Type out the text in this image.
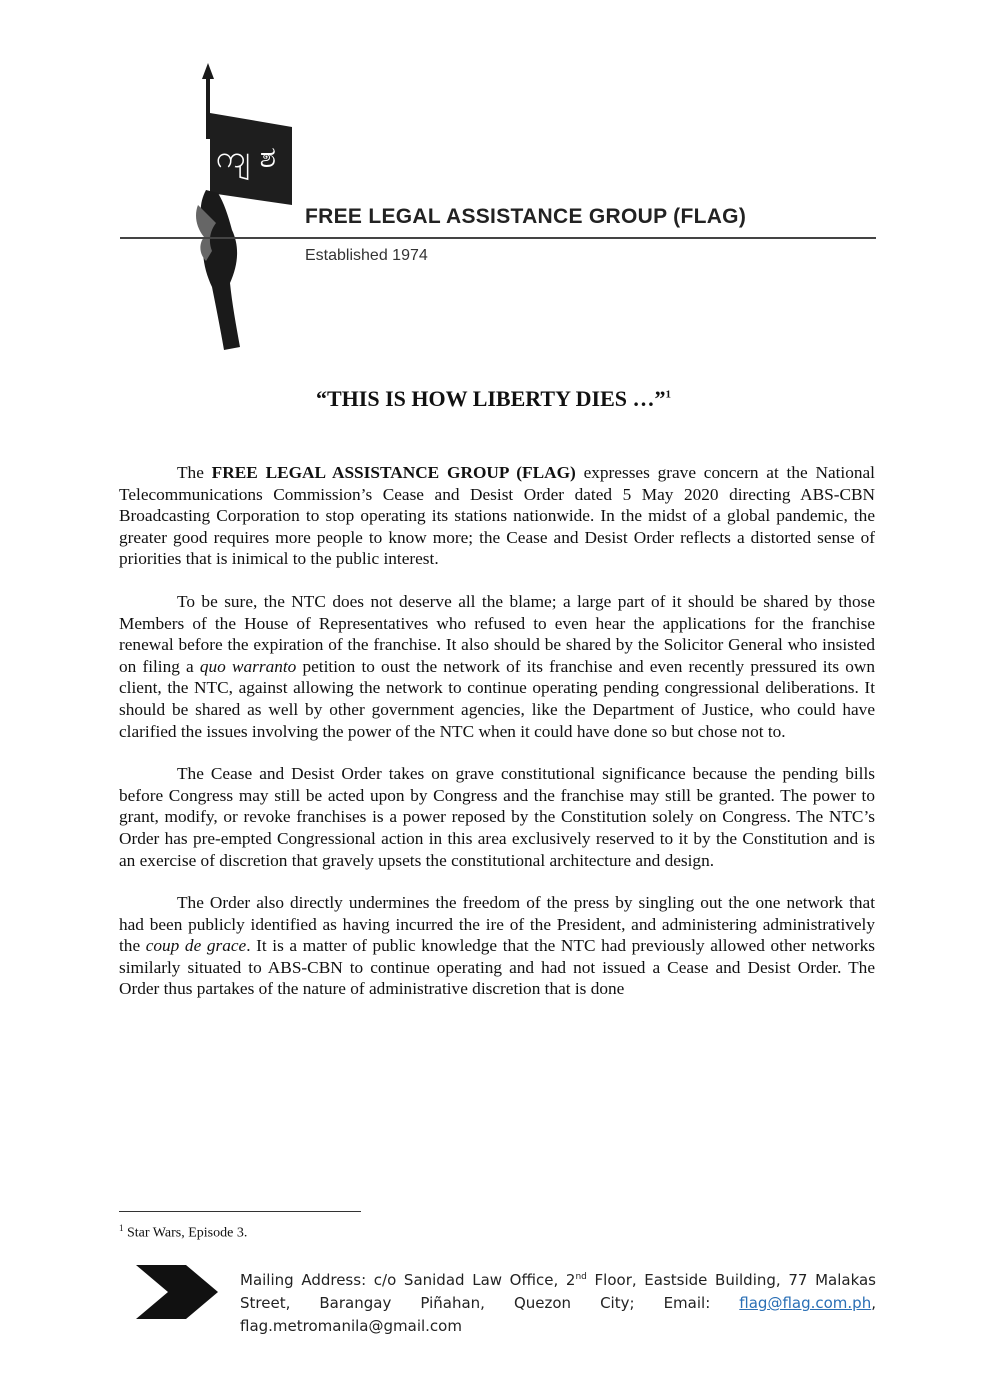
ကျ ಶ
FREE LEGAL ASSISTANCE GROUP (FLAG)
Established 1974
“THIS IS HOW LIBERTY DIES …”$^1$

The FREE LEGAL ASSISTANCE GROUP (FLAG) expresses grave concern at the National Telecommunications Commission’s Cease and Desist Order dated 5 May 2020 directing ABS-CBN Broadcasting Corporation to stop operating its stations nationwide. In the midst of a global pandemic, the greater good requires more people to know more; the Cease and Desist Order reflects a distorted sense of priorities that is inimical to the public interest.

To be sure, the NTC does not deserve all the blame; a large part of it should be shared by those Members of the House of Representatives who refused to even hear the applications for the franchise renewal before the expiration of the franchise. It also should be shared by the Solicitor General who insisted on filing a quo warranto petition to oust the network of its franchise and even recently pressured its own client, the NTC, against allowing the network to continue operating pending congressional deliberations. It should be shared as well by other government agencies, like the Department of Justice, who could have clarified the issues involving the power of the NTC when it could have done so but chose not to.

The Cease and Desist Order takes on grave constitutional significance because the pending bills before Congress may still be acted upon by Congress and the franchise may still be granted. The power to grant, modify, or revoke franchises is a power reposed by the Constitution solely on Congress. The NTC’s Order has pre-empted Congressional action in this area exclusively reserved to it by the Constitution and is an exercise of discretion that gravely upsets the constitutional architecture and design.

The Order also directly undermines the freedom of the press by singling out the one network that had been publicly identified as having incurred the ire of the President, and administering administratively the coup de grace. It is a matter of public knowledge that the NTC had previously allowed other networks similarly situated to ABS-CBN to continue operating and had not issued a Cease and Desist Order. The Order thus partakes of the nature of administrative discretion that is done

$^1$ Star Wars, Episode 3.
Mailing Address: c/o Sanidad Law Office, 2nd Floor, Eastside Building, 77 Malakas Street, Barangay Piñahan, Quezon City; Email: flag@flag.com.ph, flag.metromanila@gmail.com
